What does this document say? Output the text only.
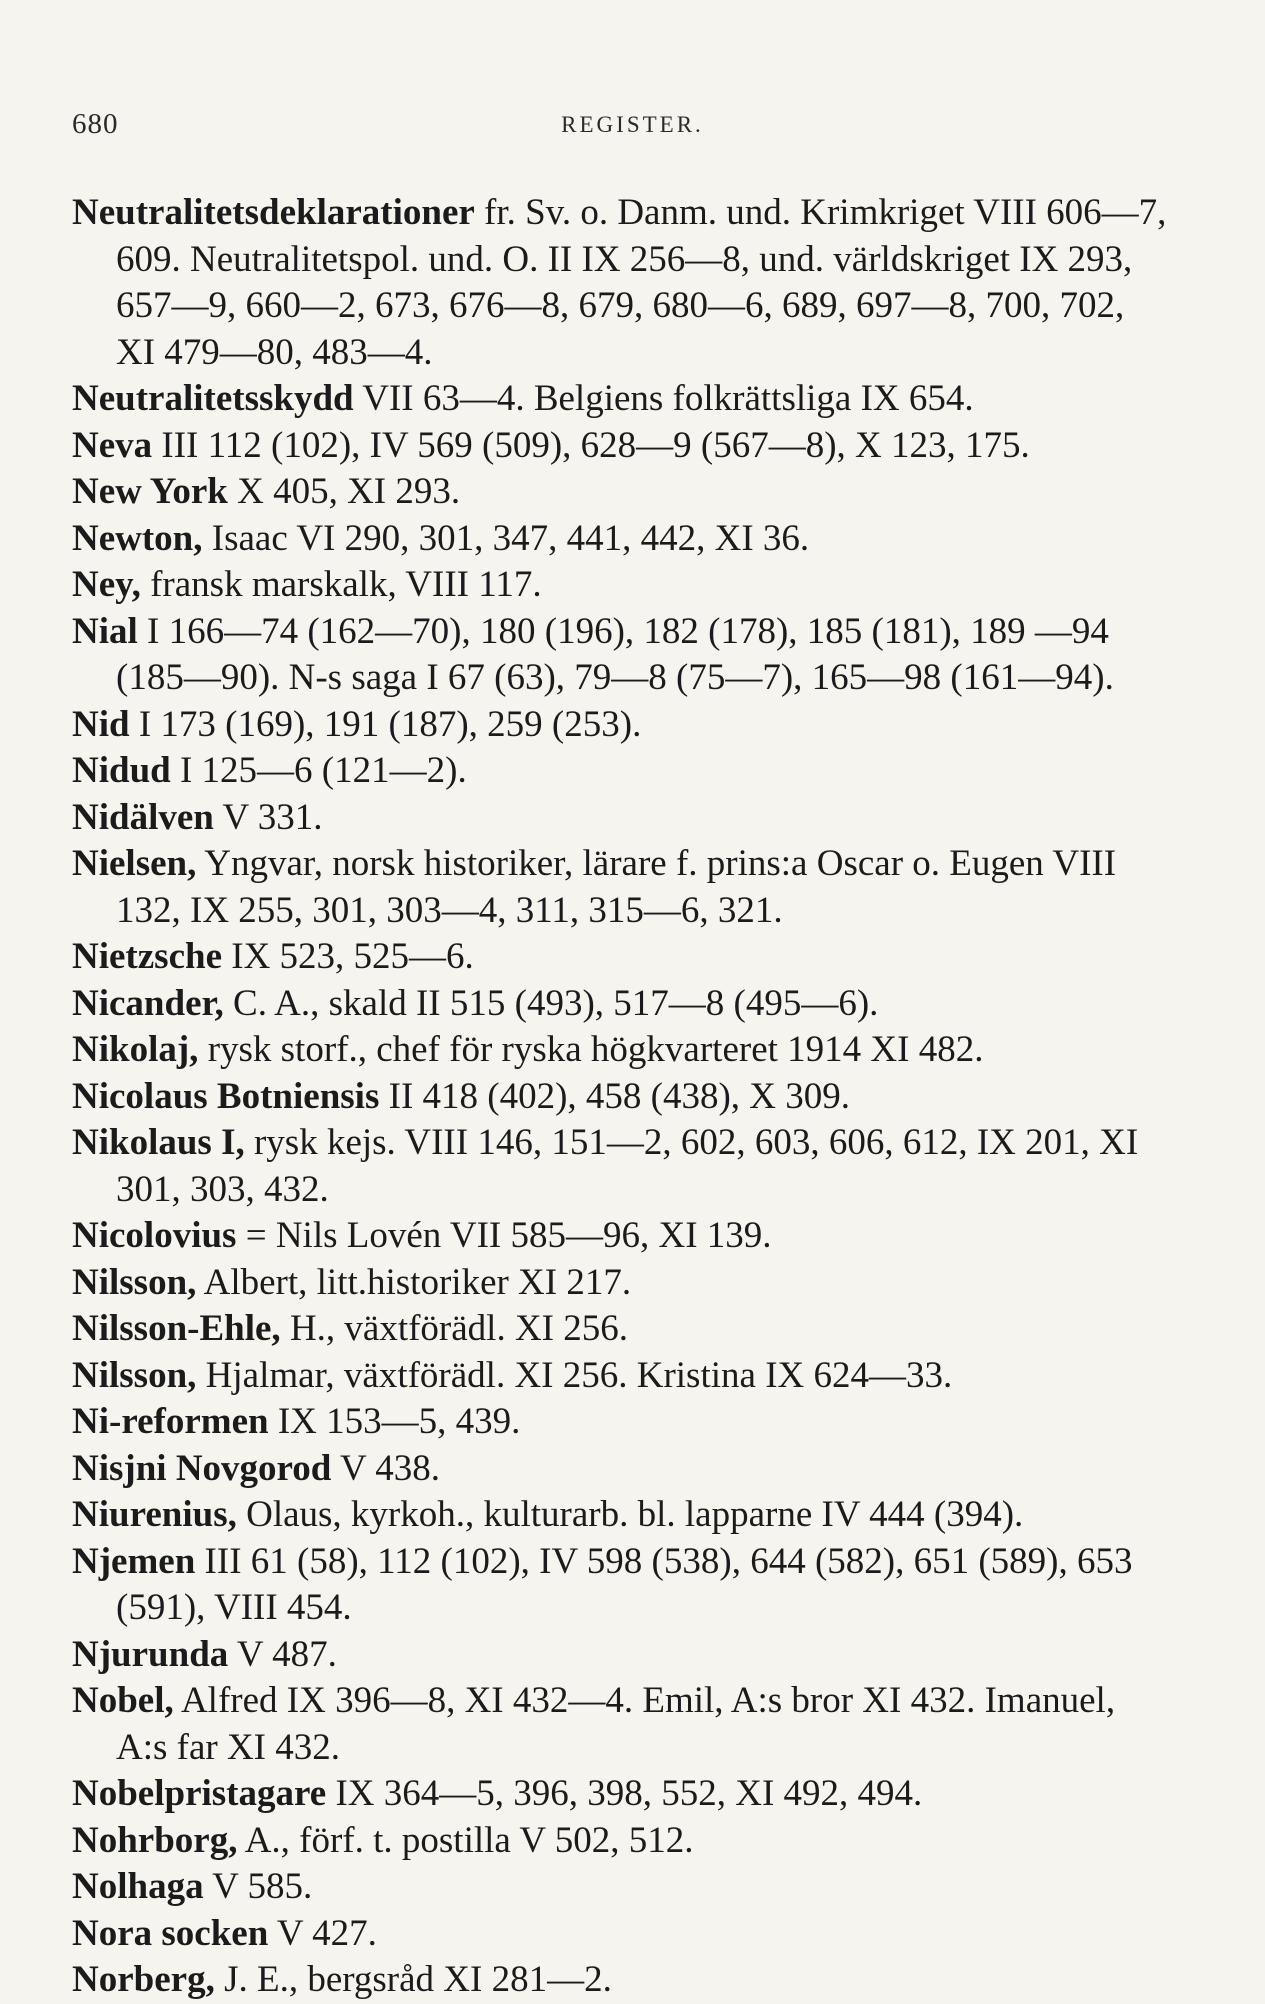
680	REGISTER.
Neutralitetsdeklarationer fr. Sv. o. Danm. und. Krimkriget VIII 606—7, 609. Neutralitetspol. und. O. II IX 256—8, und. världskriget IX 293, 657—9, 660—2, 673, 676—8, 679, 680—6, 689, 697—8, 700, 702, XI 479—80, 483—4.
Neutralitetsskydd VII 63—4. Belgiens folkrättsliga IX 654.
Neva III 112 (102), IV 569 (509), 628—9 (567—8), X 123, 175.
New York X 405, XI 293.
Newton, Isaac VI 290, 301, 347, 441, 442, XI 36.
Ney, fransk marskalk, VIII 117.
Nial I 166—74 (162—70), 180 (196), 182 (178), 185 (181), 189 —94 (185—90). N-s saga I 67 (63), 79—8 (75—7), 165—98 (161—94).
Nid I 173 (169), 191 (187), 259 (253).
Nidud I 125—6 (121—2).
Nidälven V 331.
Nielsen, Yngvar, norsk historiker, lärare f. prins:a Oscar o. Eugen VIII 132, IX 255, 301, 303—4, 311, 315—6, 321.
Nietzsche IX 523, 525—6.
Nicander, C. A., skald II 515 (493), 517—8 (495—6).
Nikolaj, rysk storf., chef för ryska högkvarteret 1914 XI 482.
Nicolaus Botniensis II 418 (402), 458 (438), X 309.
Nikolaus I, rysk kejs. VIII 146, 151—2, 602, 603, 606, 612, IX 201, XI 301, 303, 432.
Nicolovius = Nils Lovén VII 585—96, XI 139.
Nilsson, Albert, litt.historiker XI 217.
Nilsson-Ehle, H., växtförädl. XI 256.
Nilsson, Hjalmar, växtförädl. XI 256. Kristina IX 624—33.
Ni-reformen IX 153—5, 439.
Nisjni Novgorod V 438.
Niurenius, Olaus, kyrkoh., kulturarb. bl. lapparne IV 444 (394).
Njemen III 61 (58), 112 (102), IV 598 (538), 644 (582), 651 (589), 653 (591), VIII 454.
Njurunda V 487.
Nobel, Alfred IX 396—8, XI 432—4. Emil, A:s bror XI 432. Imanuel, A:s far XI 432.
Nobelpristagare IX 364—5, 396, 398, 552, XI 492, 494.
Nohrborg, A., förf. t. postilla V 502, 512.
Nolhaga V 585.
Nora socken V 427.
Norberg, J. E., bergsråd XI 281—2.
